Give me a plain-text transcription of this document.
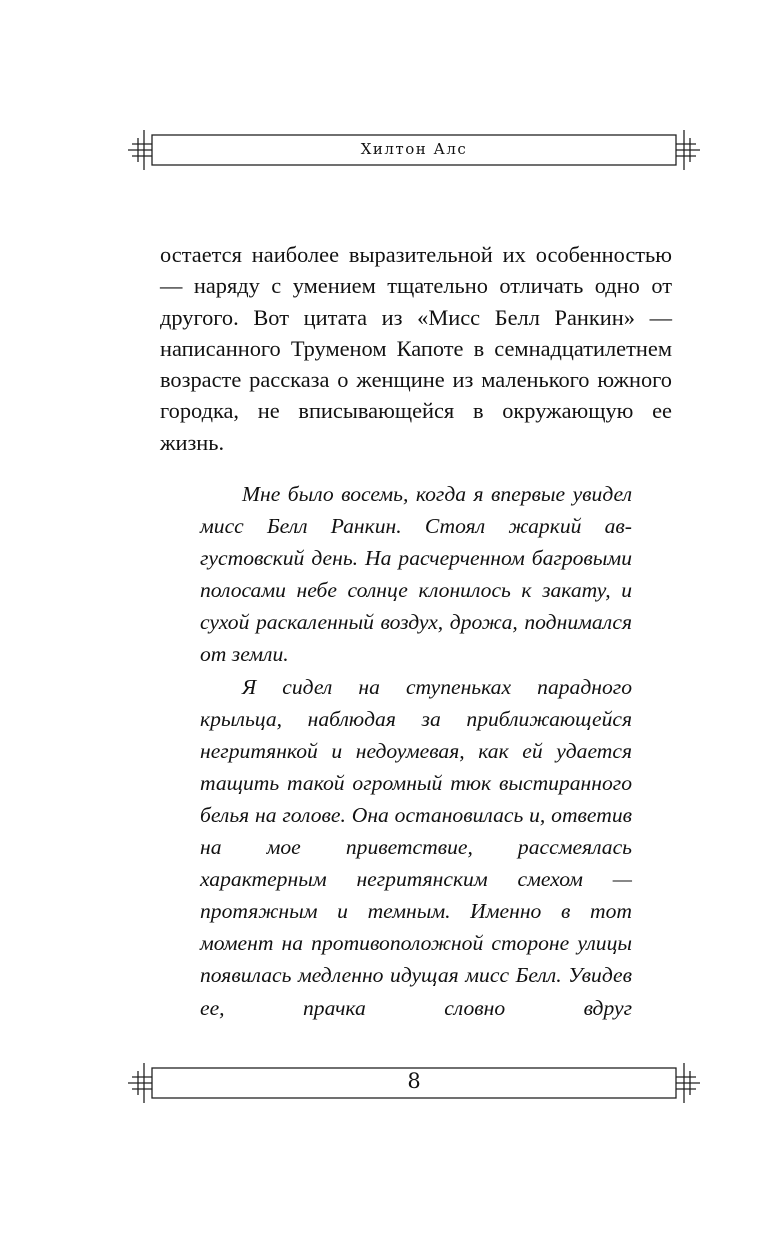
Хилтон Алс

остается наиболее выразительной их особенностью — наряду с умением тщательно отличать одно от другого. Вот цитата из «Мисс Белл Ранкин» — написанного Труменом Капоте в семнадцатилетнем возрасте рассказа о женщине из маленького южного городка, не вписывающейся в окружающую ее жизнь.

Мне было восемь, когда я впервые увидел мисс Белл Ранкин. Стоял жаркий августовский день. На расчерченном багровыми полосами небе солнце клонилось к закату, и сухой раскаленный воздух, дрожа, поднимался от земли.

Я сидел на ступеньках парадного крыльца, наблюдая за приближающейся негритянкой и недоумевая, как ей удается тащить такой огромный тюк выстиранного белья на голове. Она остановилась и, ответив на мое приветствие, рассмеялась характерным негритянским смехом — протяжным и темным. Именно в тот момент на противоположной стороне улицы появилась медленно идущая мисс Белл. Увидев ее, прачка словно вдруг

8
